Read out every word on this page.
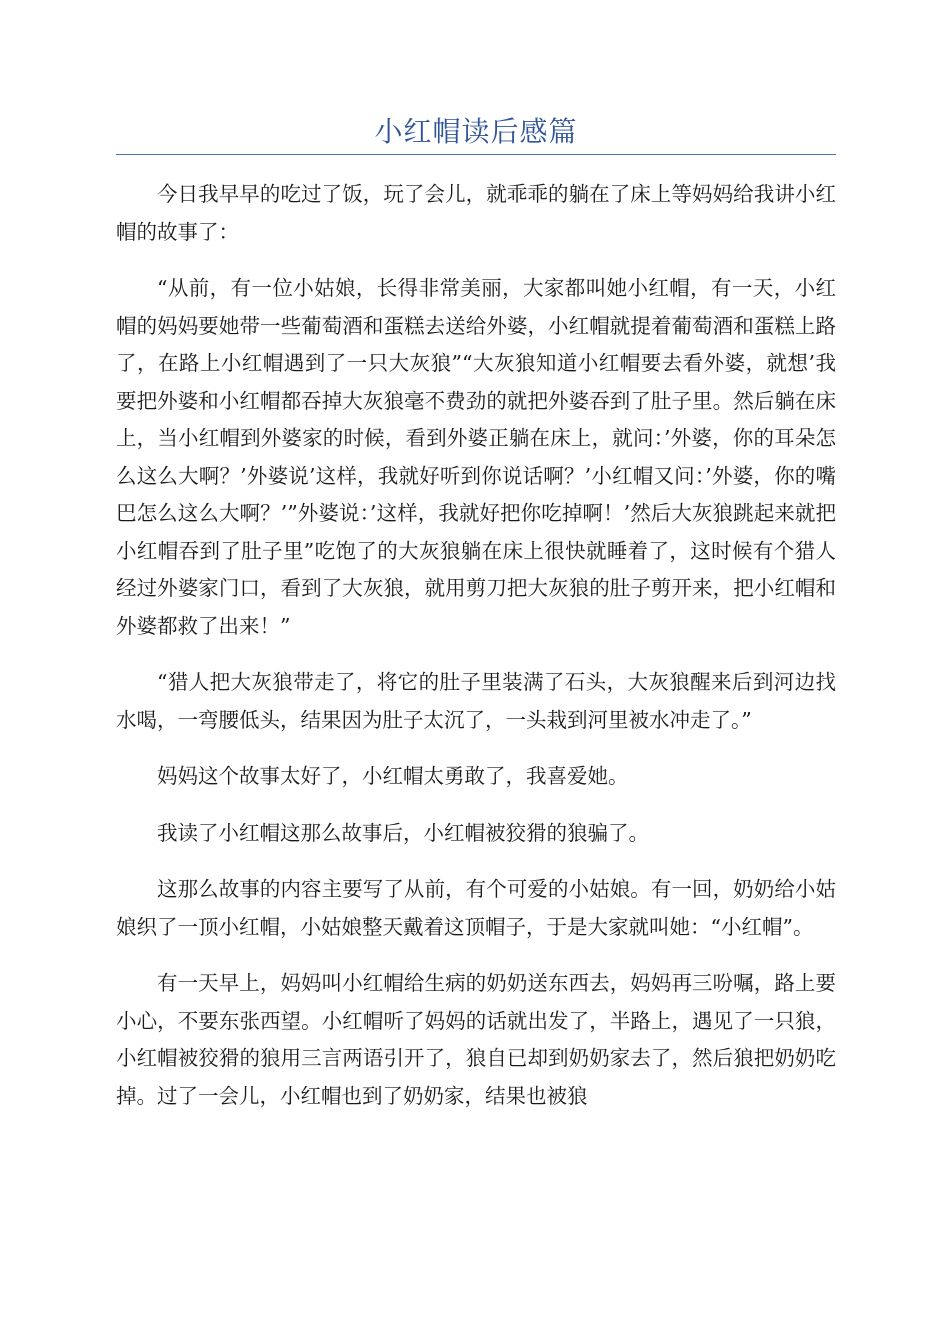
小红帽读后感篇

今日我早早的吃过了饭，玩了会儿，就乖乖的躺在了床上等妈妈给我讲小红帽的故事了：

“从前，有一位小姑娘，长得非常美丽，大家都叫她小红帽，有一天，小红帽的妈妈要她带一些葡萄酒和蛋糕去送给外婆，小红帽就提着葡萄酒和蛋糕上路了，在路上小红帽遇到了一只大灰狼”“大灰狼知道小红帽要去看外婆，就想’我要把外婆和小红帽都吞掉大灰狼毫不费劲的就把外婆吞到了肚子里。然后躺在床上，当小红帽到外婆家的时候，看到外婆正躺在床上，就问：’外婆，你的耳朵怎么这么大啊？’外婆说’这样，我就好听到你说话啊？’小红帽又问：’外婆，你的嘴巴怎么这么大啊？’”外婆说：’这样，我就好把你吃掉啊！’然后大灰狼跳起来就把小红帽吞到了肚子里”吃饱了的大灰狼躺在床上很快就睡着了，这时候有个猎人经过外婆家门口，看到了大灰狼，就用剪刀把大灰狼的肚子剪开来，把小红帽和外婆都救了出来！”

“猎人把大灰狼带走了，将它的肚子里装满了石头，大灰狼醒来后到河边找水喝，一弯腰低头，结果因为肚子太沉了，一头栽到河里被水冲走了。”

妈妈这个故事太好了，小红帽太勇敢了，我喜爱她。

我读了小红帽这那么故事后，小红帽被狡猾的狼骗了。

这那么故事的内容主要写了从前，有个可爱的小姑娘。有一回，奶奶给小姑娘织了一顶小红帽，小姑娘整天戴着这顶帽子，于是大家就叫她：“小红帽”。

有一天早上，妈妈叫小红帽给生病的奶奶送东西去，妈妈再三吩嘱，路上要小心，不要东张西望。小红帽听了妈妈的话就出发了，半路上，遇见了一只狼，小红帽被狡猾的狼用三言两语引开了，狼自已却到奶奶家去了，然后狼把奶奶吃掉。过了一会儿，小红帽也到了奶奶家，结果也被狼
